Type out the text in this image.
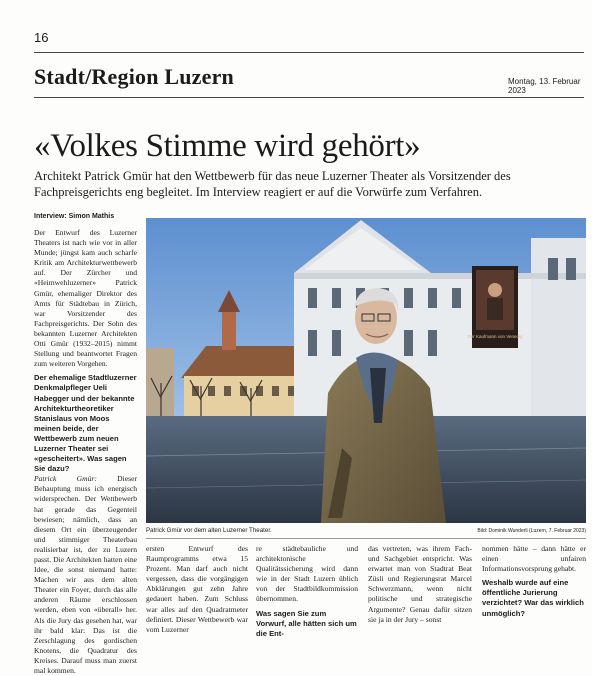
16
Stadt/Region Luzern	Montag, 13. Februar 2023
«Volkes Stimme wird gehört»
Architekt Patrick Gmür hat den Wettbewerb für das neue Luzerner Theater als Vorsitzender des Fachpreisgerichts eng begleitet. Im Interview reagiert er auf die Vorwürfe zum Verfahren.
Interview: Simon Mathis

Der Entwurf des Luzerner Theaters ist nach wie vor in aller Munde; jüngst kam auch scharfe Kritik am Architekturwettbewerb auf. Der Zürcher und «Heimwehluzerner» Patrick Gmür, ehemaliger Direktor des Amts für Städtebau in Zürich, war Vorsitzender des Fachpreisgerichts. Der Sohn des bekannten Luzerner Architekten Otti Gmür (1932–2015) nimmt Stellung und beantwortet Fragen zum weiteren Vorgehen.

Der ehemalige Stadtluzerner Denkmalpfleger Ueli Habegger und der bekannte Architekturtheoretiker Stanislaus von Moos meinen beide, der Wettbewerb zum neuen Luzerner Theater sei «gescheitert». Was sagen Sie dazu?

Patrick Gmür:	Dieser Behauptung muss ich energisch widersprechen. Der Wettbewerb hat gerade das Gegenteil bewiesen; nämlich, dass an diesem Ort ein überzeugender und stimmiger Theaterbau realisierbar ist, der zu Luzern passt. Die Architekten hatten eine Idee, die sonst niemand hatte: Machen wir aus dem alten Theater ein Foyer, durch das alle anderen Räume erschlossen werden, eben von «überall» her. Als die Jury das gesehen hat, war ihr bald klar: Das ist die Zerschlagung des gordischen Knotens, die Quadratur des Kreises. Darauf muss man zuerst mal kommen.

Der Kaufmann von Venedig
Patrick Gmür vor dem alten Luzerner Theater.	Bild: Dominik Wunderli (Luzern, 7. Februar 2023)

ersten Entwurf des Raumprogramms etwa 15 Prozent. Man darf auch nicht vergessen, dass die vorgängigen Abklärungen gut zehn Jahre gedauert haben. Zum Schluss war alles auf den Quadratmeter definiert. Dieser Wettbewerb war vom Luzerner

re städtebauliche und architektonische Qualitätssicherung wird dann wie in der Stadt Luzern üblich von der Stadtbildkommission übernommen.

Was sagen Sie zum Vorwurf, alle hätten sich um die Ent-

das vertreten, was ihrem Fach- und Sachgebiet entspricht. Was erwartet man von Stadtrat Beat Züsli und Regierungsrat Marcel Schwerzmann, wenn nicht politische und strategische Argumente? Genau dafür sitzen sie ja in der Jury – sonst

nommen hätte – dann hätte er einen unfairen Informationsvorsprung gehabt.

Weshalb wurde auf eine öffentliche Jurierung verzichtet? War das wirklich unmöglich?
